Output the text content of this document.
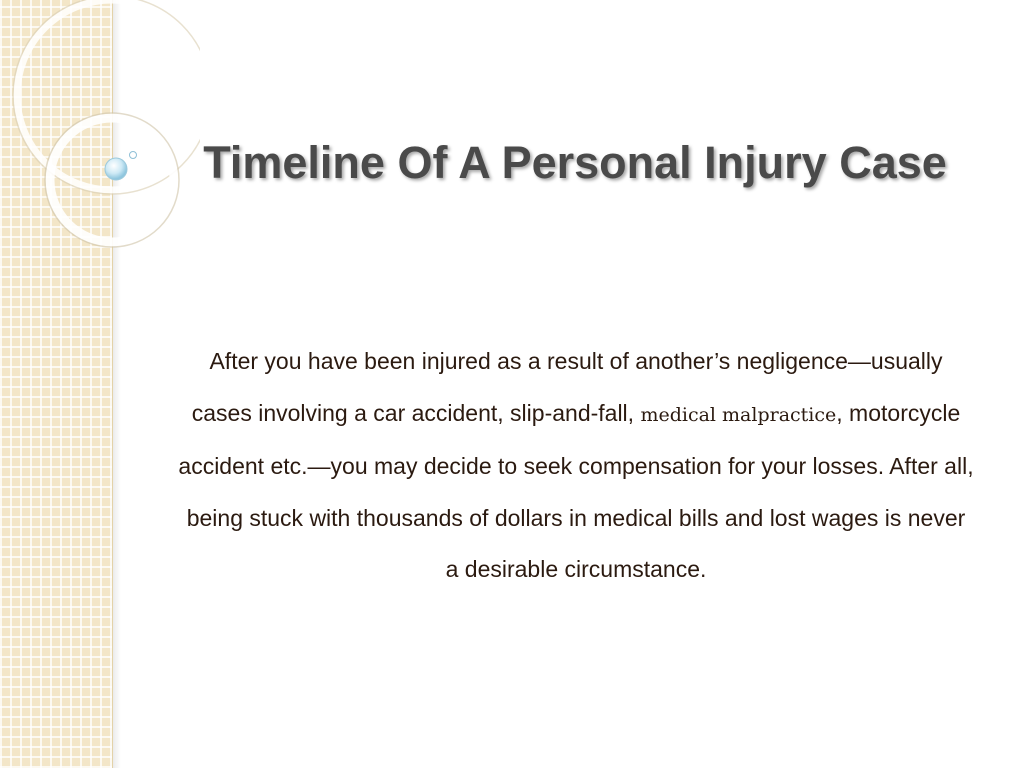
Timeline Of A Personal Injury Case

After you have been injured as a result of another’s negligence—usually cases involving a car accident, slip-and-fall, medical malpractice, motorcycle accident etc.—you may decide to seek compensation for your losses. After all, being stuck with thousands of dollars in medical bills and lost wages is never a desirable circumstance.
